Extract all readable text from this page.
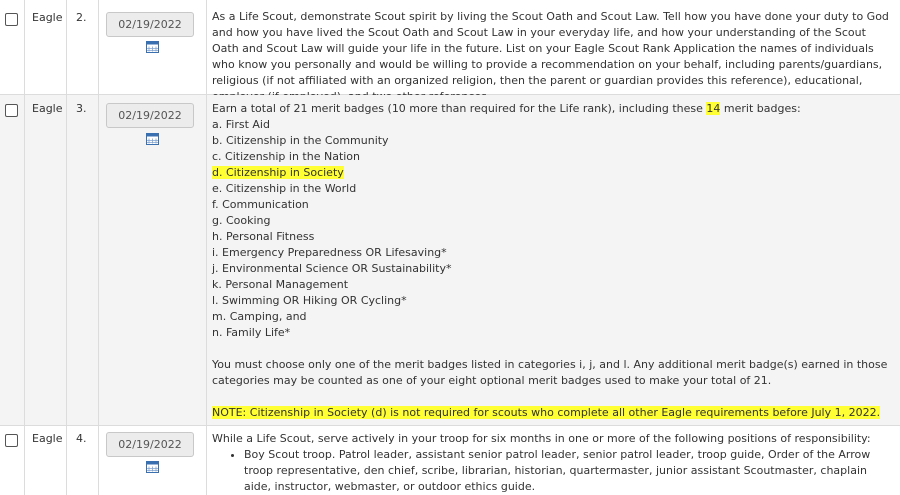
Eagle 2.
02/19/2022

As a Life Scout, demonstrate Scout spirit by living the Scout Oath and Scout Law. Tell how you have done your duty to God and how you have lived the Scout Oath and Scout Law in your everyday life, and how your understanding of the Scout Oath and Scout Law will guide your life in the future. List on your Eagle Scout Rank Application the names of individuals who know you personally and would be willing to provide a recommendation on your behalf, including parents/guardians, religious (if not affiliated with an organized religion, then the parent or guardian provides this reference), educational,

Eagle 3.
02/19/2022

Earn a total of 21 merit badges (10 more than required for the Life rank), including these 14 merit badges:

a. First Aid

b. Citizenship in the Community

c. Citizenship in the Nation

d. Citizenship in Society

e. Citizenship in the World

f. Communication

g. Cooking

h. Personal Fitness

i. Emergency Preparedness OR Lifesaving*

j. Environmental Science OR Sustainability*

k. Personal Management

l. Swimming OR Hiking OR Cycling*

m. Camping, and

n. Family Life*

You must choose only one of the merit badges listed in categories i, j, and l. Any additional merit badge(s) earned in those categories may be counted as one of your eight optional merit badges used to make your total of 21.

NOTE: Citizenship in Society (d) is not required for scouts who complete all other Eagle requirements before July 1, 2022.

Eagle 4.	02/19/2022	While a Life Scout, serve actively in your troop for six months in one or more of the following positions of responsibility:

• Boy Scout troop. Patrol leader, assistant senior patrol leader, senior patrol leader, troop guide, Order of the Arrow troop representative, den chief, scribe, librarian, historian, quartermaster, junior assistant Scoutmaster, chaplain aide, instructor, webmaster, or outdoor ethics guide.
